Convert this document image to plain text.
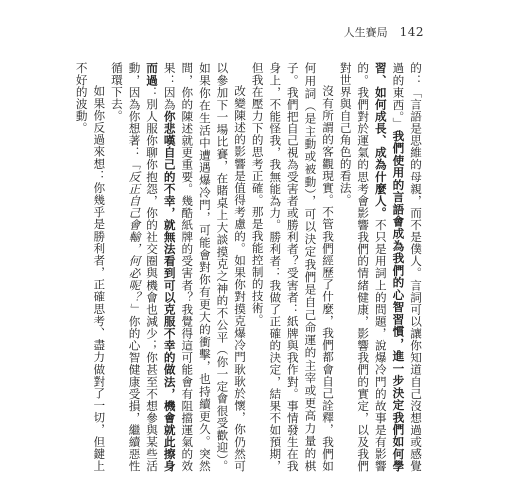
人生賽局 142

的：「言語是思維的母親，而不是僕人。言詞可以讓你知道自己沒想過或感覺過的東西。」我們使用的言語會成為我們的心智習慣，進一步決定我們如何學習、如何成長、成為什麼人。不只是用詞上的問題，說爆冷門的故事是有影響的。我們對於運氣的思考會影響我們的情緒健康，影響我們的實定，以及我們對世界與自己角色的看法。

沒有所謂的客觀現實。不管我們經歷了什麼，我們都會自己詮釋，我們如何用詞（是主動或被動），可以決定我們是自己命運的主宰或更高力量的棋子。我們把自己視為受害者或勝利者？受害者：紙牌與我作對。事情發生在我身上，不能怪我，我無能為力。勝利者：我做了正確的決定，結果不如預期，但我在壓力下的思考正確。那是我能控制的技術。

改變陳述的影響是值得考慮的。如果你對摸克爆冷門耿耿於懷，你仍然可以參加下一場比賽，在賭桌上大談摸克之神的不公平（你一定會很受歡迎）。如果你在生活中遭遇爆冷門，可能會對你有更大的衝擊，也持續更久。突然間，你的陳述就更重要。幾酷紙牌的受害者？我覺得這可能會有阻擋運氣的效果：因為你悲嘆自己的不幸，就無法看到可以克服不幸的做法，機會就此擦身而過：別人服你聊你抱怨，你的社交圈與機會也減少；你甚至不想參與某些活動，因為你想著：「反正自己會輸，何必呢？」你的心智健康受損，繼續惡性循環下去。

如果你反過來想：你幾乎是勝利者，正確思考、盡力做對了一切，但鍵上不好的波動。
